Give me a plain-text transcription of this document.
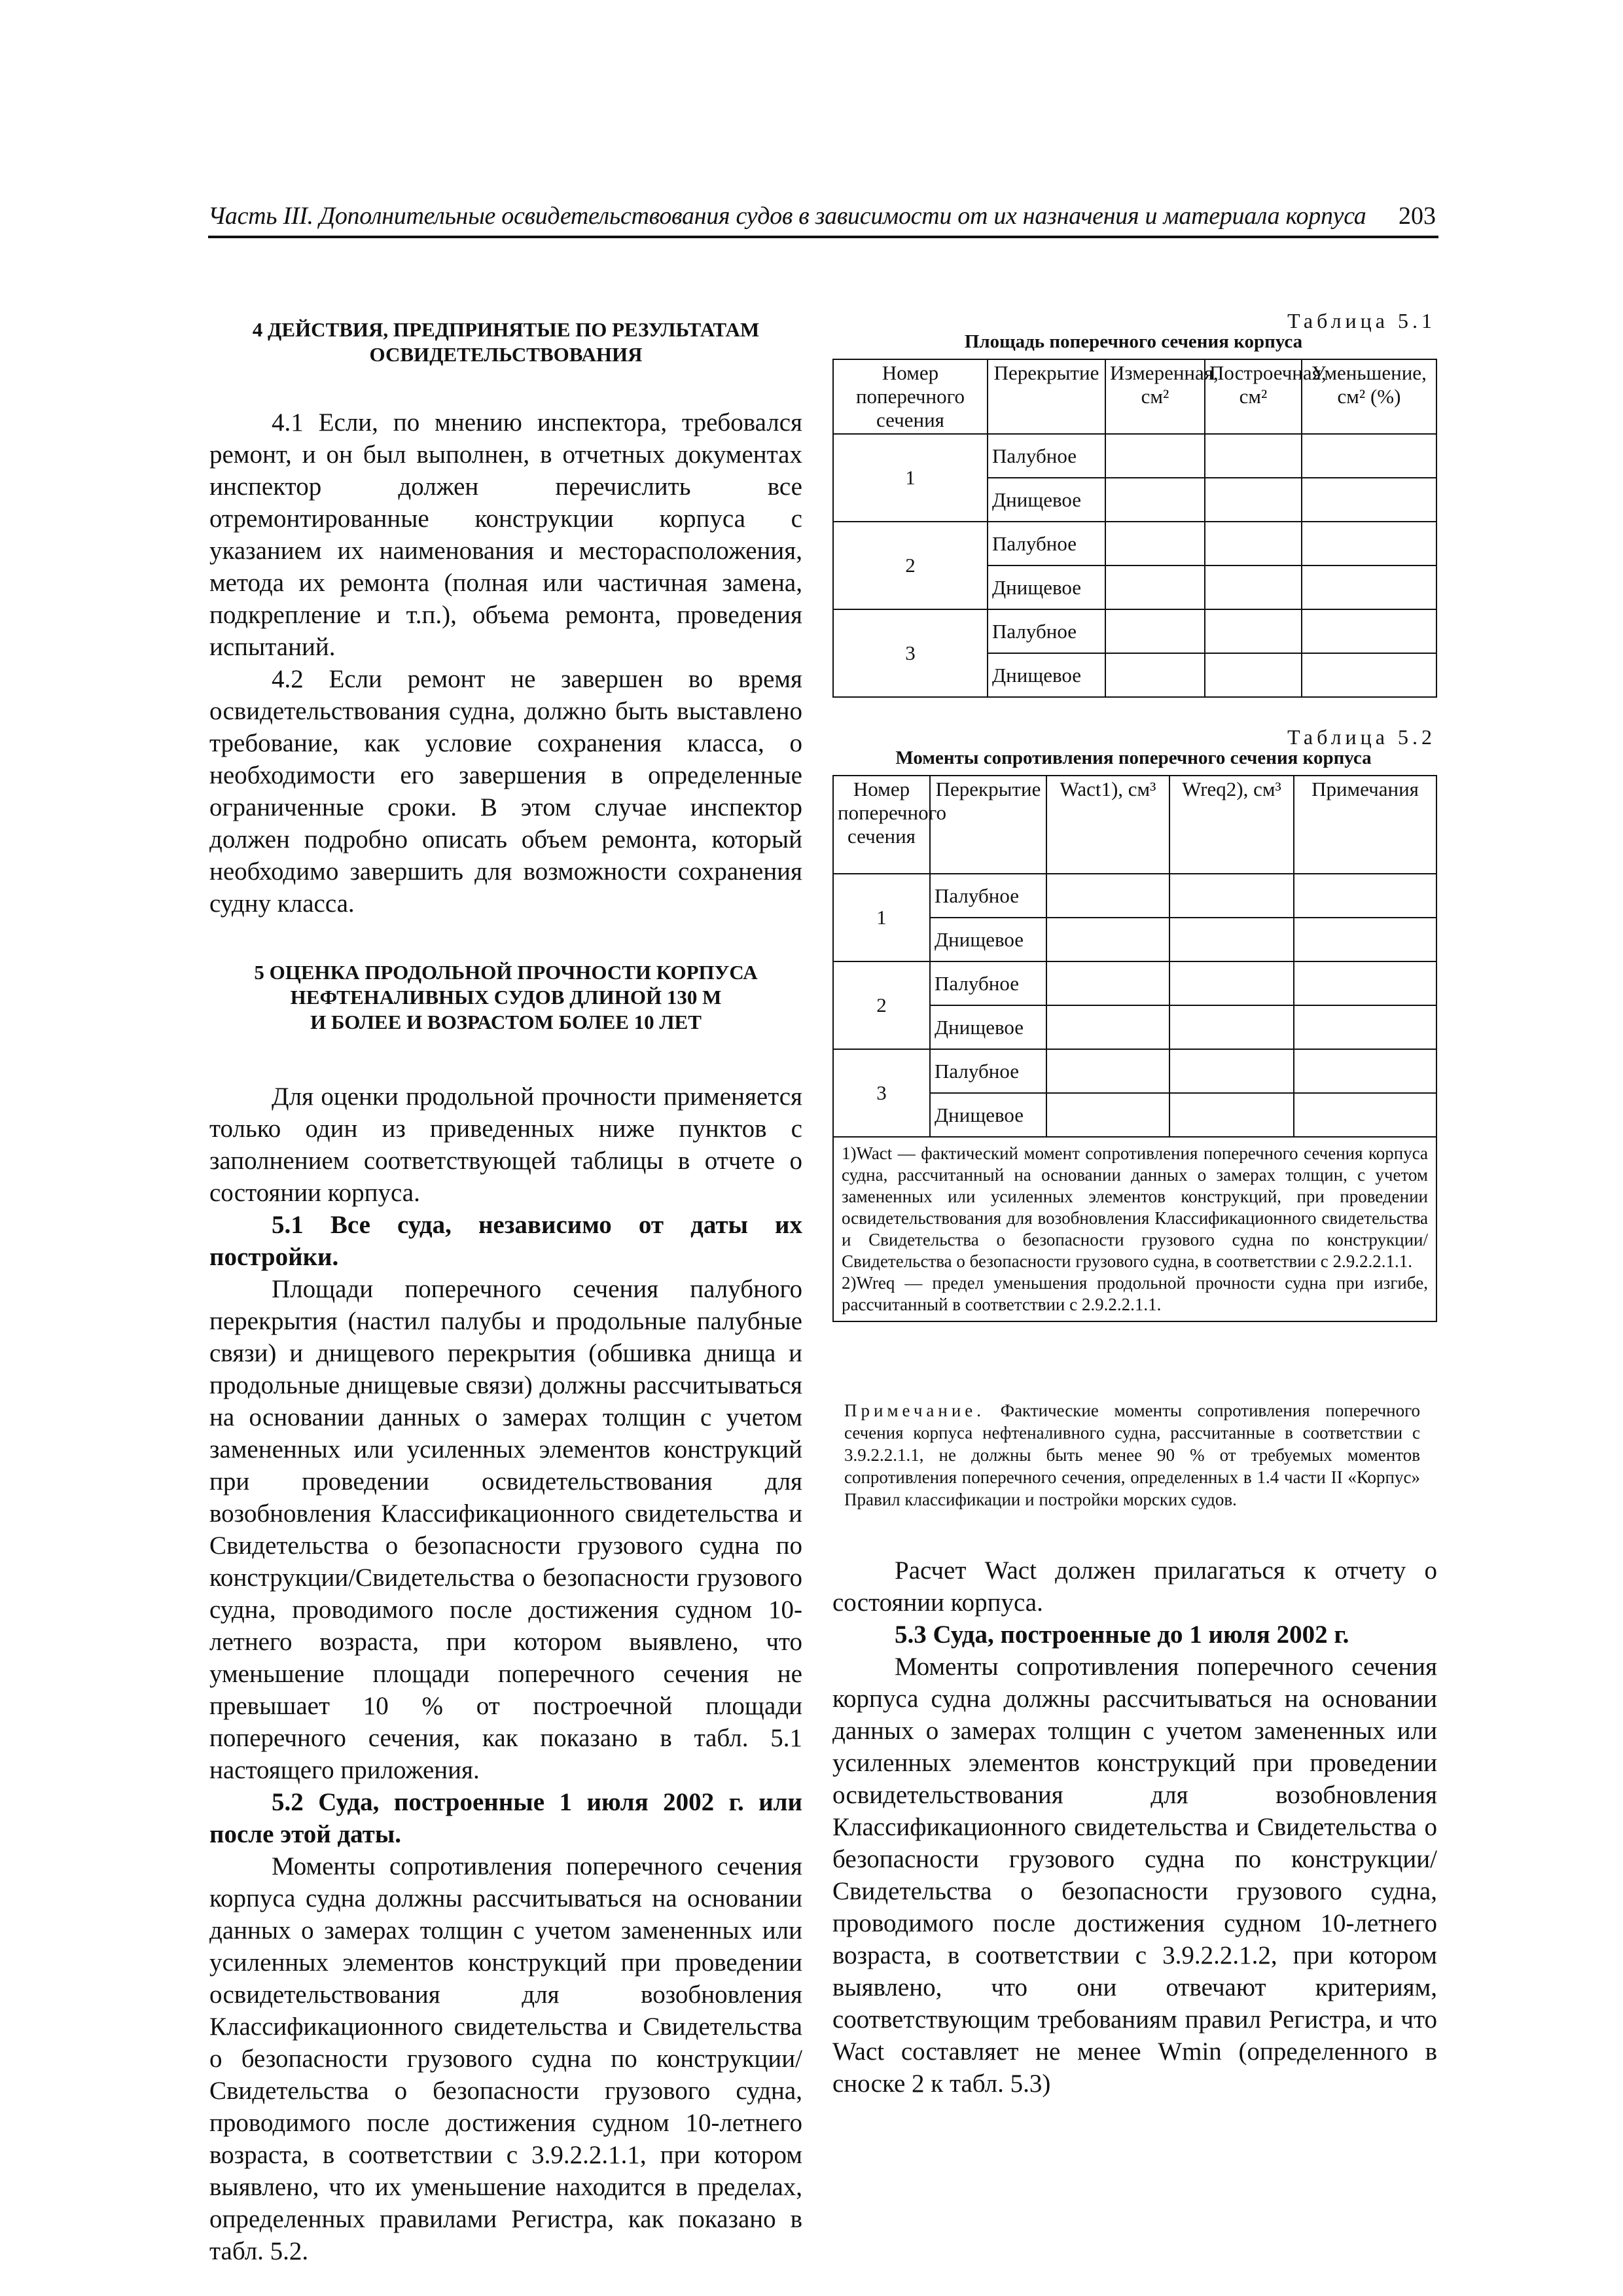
Часть III. Дополнительные освидетельствования судов в зависимости от их назначения и материала корпуса 203
4 ДЕЙСТВИЯ, ПРЕДПРИНЯТЫЕ ПО РЕЗУЛЬТАТАМ
ОСВИДЕТЕЛЬСТВОВАНИЯ

4.1 Если, по мнению инспектора, требовался ремонт, и он был выполнен, в отчетных документах инспектор должен перечислить все отремонтированные конструкции корпуса с указанием их наименования и месторасположения, метода их ремонта (полная или частичная замена, подкрепление и т.п.), объема ремонта, проведения испытаний.

4.2 Если ремонт не завершен во время освидетельствования судна, должно быть выставлено требование, как условие сохранения класса, о необходимости его завершения в определенные ограниченные сроки. В этом случае инспектор должен подробно описать объем ремонта, который необходимо завершить для возможности сохранения судну класса.

5 ОЦЕНКА ПРОДОЛЬНОЙ ПРОЧНОСТИ КОРПУСА
НЕФТЕНАЛИВНЫХ СУДОВ ДЛИНОЙ 130 М
И БОЛЕЕ И ВОЗРАСТОМ БОЛЕЕ 10 ЛЕТ

Для оценки продольной прочности применяется только один из приведенных ниже пунктов с заполнением соответствующей таблицы в отчете о состоянии корпуса.

5.1 Все суда, независимо от даты их постройки.

Площади поперечного сечения палубного перекрытия (настил палубы и продольные палубные связи) и днищевого перекрытия (обшивка днища и продольные днищевые связи) должны рассчитываться на основании данных о замерах толщин с учетом замененных или усиленных элементов конструкций при проведении освидетельствования для возобновления Классификационного свидетельства и Свидетельства о безопасности грузового судна по конструкции/Свидетельства о безопасности грузового судна, проводимого после достижения судном 10-летнего возраста, при котором выявлено, что уменьшение площади поперечного сечения не превышает 10 % от построечной площади поперечного сечения, как показано в табл. 5.1 настоящего приложения.

5.2 Суда, построенные 1 июля 2002 г. или после этой даты.

Моменты сопротивления поперечного сечения корпуса судна должны рассчитываться на основании данных о замерах толщин с учетом замененных или усиленных элементов конструкций при проведении освидетельствования для возобновления Классификационного свидетельства и Свидетельства о безопасности грузового судна по конструкции/Свидетельства о безопасности грузового судна, проводимого после достижения судном 10-летнего возраста, в соответствии с 3.9.2.2.1.1, при котором выявлено, что их уменьшение находится в пределах, определенных правилами Регистра, как показано в табл. 5.2.

Таблица 5.1
Площадь поперечного сечения корпуса
Номер поперечного сечения	Перекрытие	Измеренная, см²	Построечная, см²	Уменьшение, см² (%)
1	Палубное			
	Днищевое			
2	Палубное			
	Днищевое			
3	Палубное			
	Днищевое			
Таблица 5.2
Моменты сопротивления поперечного сечения корпуса
Номер поперечного сечения	Перекрытие	Wact1), см³	Wreq2), см³	Примечания
1	Палубное			
	Днищевое			
2	Палубное			
	Днищевое			
3	Палубное			
	Днищевое			

1)Wact — фактический момент сопротивления поперечного сечения корпуса судна, рассчитанный на основании данных о замерах толщин, с учетом замененных или усиленных элементов конструкций, при проведении освидетельствования для возобновления Классификационного свидетельства и Свидетельства о безопасности грузового судна по конструкции/Свидетельства о безопасности грузового судна, в соответствии с 2.9.2.2.1.1.
2)Wreq — предел уменьшения продольной прочности судна при изгибе, рассчитанный в соответствии с 2.9.2.2.1.1.				
Примечание. Фактические моменты сопротивления поперечного сечения корпуса нефтеналивного судна, рассчитанные в соответствии с 3.9.2.2.1.1, не должны быть менее 90 % от требуемых моментов сопротивления поперечного сечения, определенных в 1.4 части II «Корпус» Правил классификации и постройки морских судов.

Расчет Wact должен прилагаться к отчету о состоянии корпуса.

5.3 Суда, построенные до 1 июля 2002 г.

Моменты сопротивления поперечного сечения корпуса судна должны рассчитываться на основании данных о замерах толщин с учетом замененных или усиленных элементов конструкций при проведении освидетельствования для возобновления Классификационного свидетельства и Свидетельства о безопасности грузового судна по конструкции/Свидетельства о безопасности грузового судна, проводимого после достижения судном 10-летнего возраста, в соответствии с 3.9.2.2.1.2, при котором выявлено, что они отвечают критериям, соответствующим требованиям правил Регистра, и что Wact составляет не менее Wmin (определенного в сноске 2 к табл. 5.3)
